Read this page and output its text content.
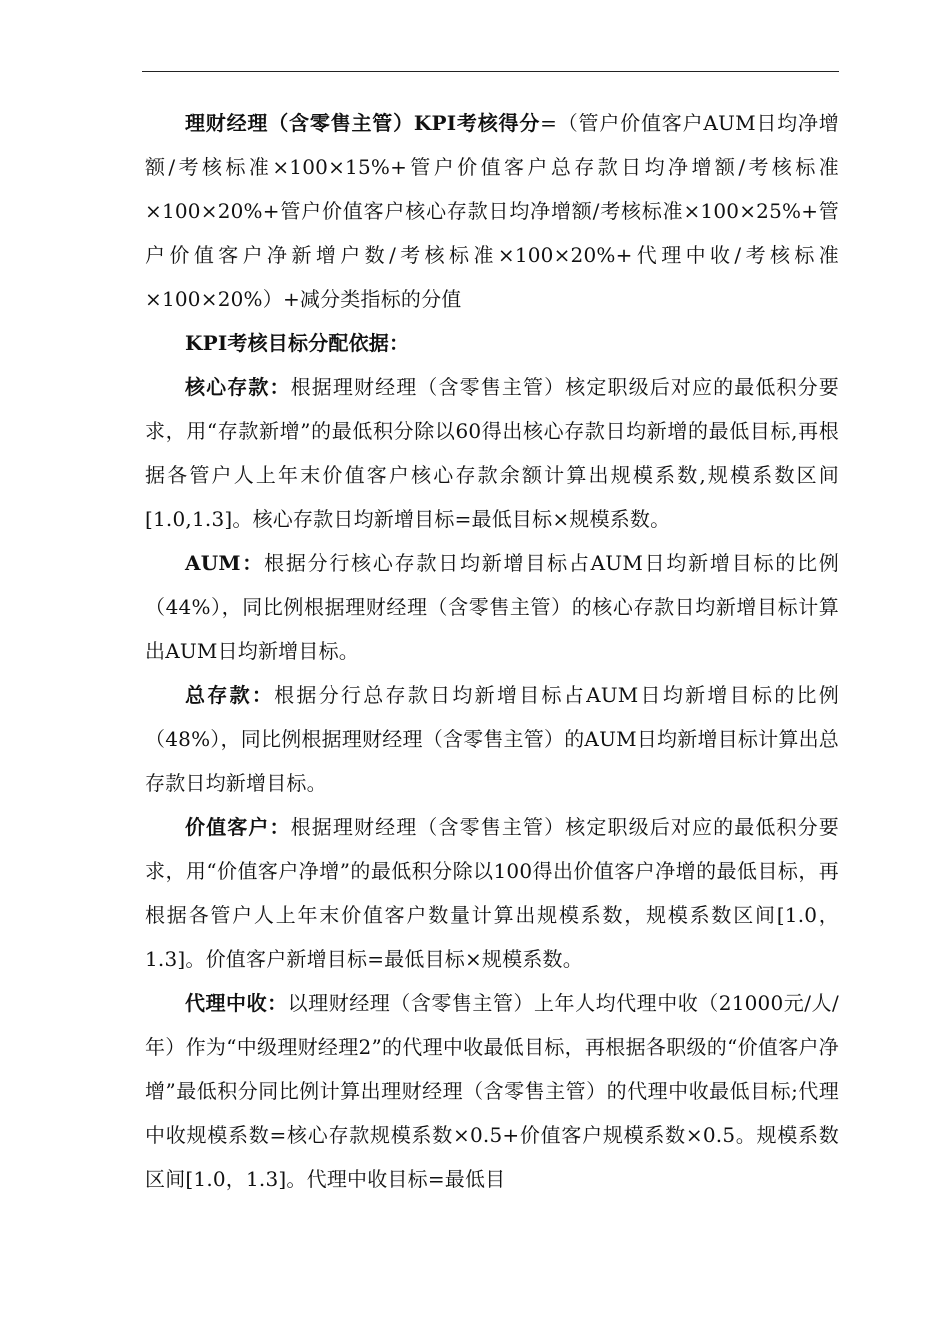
理财经理（含零售主管）KPI考核得分=（管户价值客户AUM日均净增额/考核标准×100×15%+管户价值客户总存款日均净增额/考核标准×100×20%+管户价值客户核心存款日均净增额/考核标准×100×25%+管户价值客户净新增户数/考核标准×100×20%+代理中收/考核标准×100×20%）+减分类指标的分值

KPI考核目标分配依据：

核心存款：根据理财经理（含零售主管）核定职级后对应的最低积分要求，用“存款新增”的最低积分除以60得出核心存款日均新增的最低目标,再根据各管户人上年末价值客户核心存款余额计算出规模系数,规模系数区间[1.0,1.3]。核心存款日均新增目标=最低目标×规模系数。

AUM：根据分行核心存款日均新增目标占AUM日均新增目标的比例（44%），同比例根据理财经理（含零售主管）的核心存款日均新增目标计算出AUM日均新增目标。

总存款：根据分行总存款日均新增目标占AUM日均新增目标的比例（48%），同比例根据理财经理（含零售主管）的AUM日均新增目标计算出总存款日均新增目标。

价值客户：根据理财经理（含零售主管）核定职级后对应的最低积分要求，用“价值客户净增”的最低积分除以100得出价值客户净增的最低目标，再根据各管户人上年末价值客户数量计算出规模系数，规模系数区间[1.0，1.3]。价值客户新增目标=最低目标×规模系数。

代理中收：以理财经理（含零售主管）上年人均代理中收（21000元/人/年）作为“中级理财经理2”的代理中收最低目标，再根据各职级的“价值客户净增”最低积分同比例计算出理财经理（含零售主管）的代理中收最低目标;代理中收规模系数=核心存款规模系数×0.5+价值客户规模系数×0.5。规模系数区间[1.0，1.3]。代理中收目标=最低目
